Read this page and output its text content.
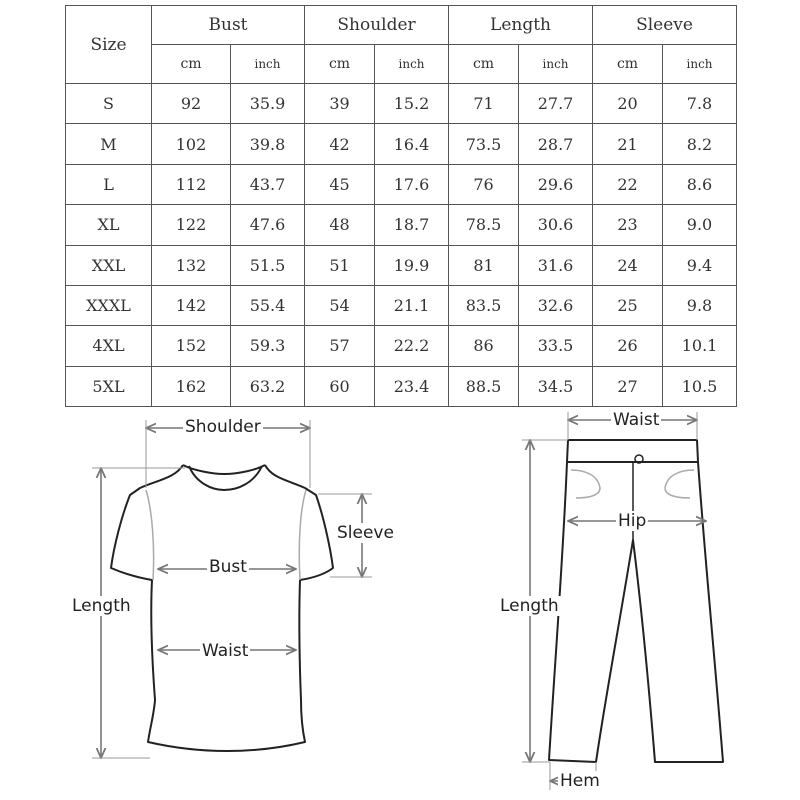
Size	Bust		Shoulder		Length		Sleeve	
	cm	inch	cm	inch	cm	inch	cm	inch
S	92	35.9	39	15.2	71	27.7	20	7.8
M	102	39.8	42	16.4	73.5	28.7	21	8.2
L	112	43.7	45	17.6	76	29.6	22	8.6
XL	122	47.6	48	18.7	78.5	30.6	23	9.0
XXL	132	51.5	51	19.9	81	31.6	24	9.4
XXXL	142	55.4	54	21.1	83.5	32.6	25	9.8
4XL	152	59.3	57	22.2	86	33.5	26	10.1
5XL	162	63.2	60	23.4	88.5	34.5	27	10.5
Shoulder
Sleeve
Bust
Length
Waist
Waist
Hip
Length
Hem
